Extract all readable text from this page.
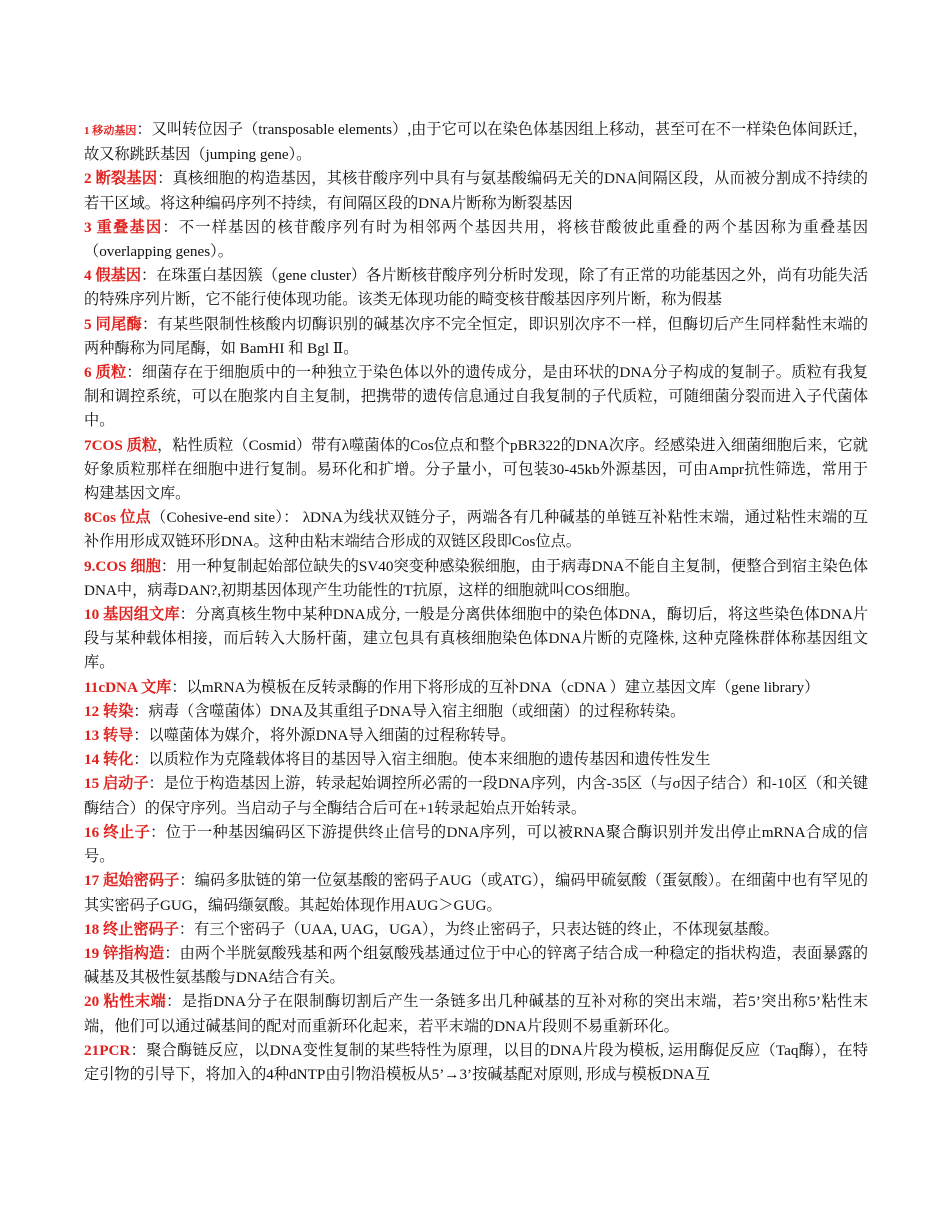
1 移动基因：又叫转位因子（transposable elements）,由于它可以在染色体基因组上移动，甚至可在不一样染色体间跃迁，故又称跳跃基因（jumping gene）。

2 断裂基因：真核细胞的构造基因，其核苷酸序列中具有与氨基酸编码无关的DNA间隔区段，从而被分割成不持续的若干区域。将这种编码序列不持续，有间隔区段的DNA片断称为断裂基因

3 重叠基因：不一样基因的核苷酸序列有时为相邻两个基因共用，将核苷酸彼此重叠的两个基因称为重叠基因（overlapping genes）。

4 假基因：在珠蛋白基因簇（gene cluster）各片断核苷酸序列分析时发现，除了有正常的功能基因之外，尚有功能失活的特殊序列片断，它不能行使体现功能。该类无体现功能的畸变核苷酸基因序列片断，称为假基

5 同尾酶：有某些限制性核酸内切酶识别的碱基次序不完全恒定，即识别次序不一样，但酶切后产生同样黏性末端的两种酶称为同尾酶，如 BamHI 和 Bgl Ⅱ。

6 质粒：细菌存在于细胞质中的一种独立于染色体以外的遗传成分，是由环状的DNA分子构成的复制子。质粒有我复制和调控系统，可以在胞浆内自主复制，把携带的遗传信息通过自我复制的子代质粒，可随细菌分裂而进入子代菌体中。

7COS 质粒，粘性质粒（Cosmid）带有λ噬菌体的Cos位点和整个pBR322的DNA次序。经感染进入细菌细胞后来，它就好象质粒那样在细胞中进行复制。易环化和扩增。分子量小，可包装30-45kb外源基因，可由Ampr抗性筛选，常用于构建基因文库。

8Cos 位点（Cohesive-end site）： λDNA为线状双链分子，两端各有几种碱基的单链互补粘性末端，通过粘性末端的互补作用形成双链环形DNA。这种由粘末端结合形成的双链区段即Cos位点。

9.COS 细胞：用一种复制起始部位缺失的SV40突变种感染猴细胞，由于病毒DNA不能自主复制，便整合到宿主染色体DNA中，病毒DAN?,初期基因体现产生功能性的T抗原，这样的细胞就叫COS细胞。

10 基因组文库：分离真核生物中某种DNA成分, 一般是分离供体细胞中的染色体DNA，酶切后，将这些染色体DNA片段与某种载体相接，而后转入大肠杆菌，建立包具有真核细胞染色体DNA片断的克隆株, 这种克隆株群体称基因组文库。

11cDNA 文库：以mRNA为模板在反转录酶的作用下将形成的互补DNA（cDNA ）建立基因文库（gene library）

12 转染：病毒（含噬菌体）DNA及其重组子DNA导入宿主细胞（或细菌）的过程称转染。

13 转导：以噬菌体为媒介，将外源DNA导入细菌的过程称转导。

14 转化：以质粒作为克隆载体将目的基因导入宿主细胞。使本来细胞的遗传基因和遗传性发生

15 启动子：是位于构造基因上游，转录起始调控所必需的一段DNA序列，内含-35区（与σ因子结合）和-10区（和关键酶结合）的保守序列。当启动子与全酶结合后可在+1转录起始点开始转录。

16 终止子：位于一种基因编码区下游提供终止信号的DNA序列，可以被RNA聚合酶识别并发出停止mRNA合成的信号。

17 起始密码子：编码多肽链的第一位氨基酸的密码子AUG（或ATG），编码甲硫氨酸（蛋氨酸）。在细菌中也有罕见的其实密码子GUG，编码缬氨酸。其起始体现作用AUG＞GUG。

18 终止密码子：有三个密码子（UAA, UAG，UGA），为终止密码子，只表达链的终止，不体现氨基酸。

19 锌指构造：由两个半胱氨酸残基和两个组氨酸残基通过位于中心的锌离子结合成一种稳定的指状构造，表面暴露的碱基及其极性氨基酸与DNA结合有关。

20 粘性末端：是指DNA分子在限制酶切割后产生一条链多出几种碱基的互补对称的突出末端，若5’突出称5’粘性末端，他们可以通过碱基间的配对而重新环化起来，若平末端的DNA片段则不易重新环化。

21PCR：聚合酶链反应，以DNA变性复制的某些特性为原理，以目的DNA片段为模板, 运用酶促反应（Taq酶），在特定引物的引导下，将加入的4种dNTP由引物沿模板从5’→3’按碱基配对原则, 形成与模板DNA互
